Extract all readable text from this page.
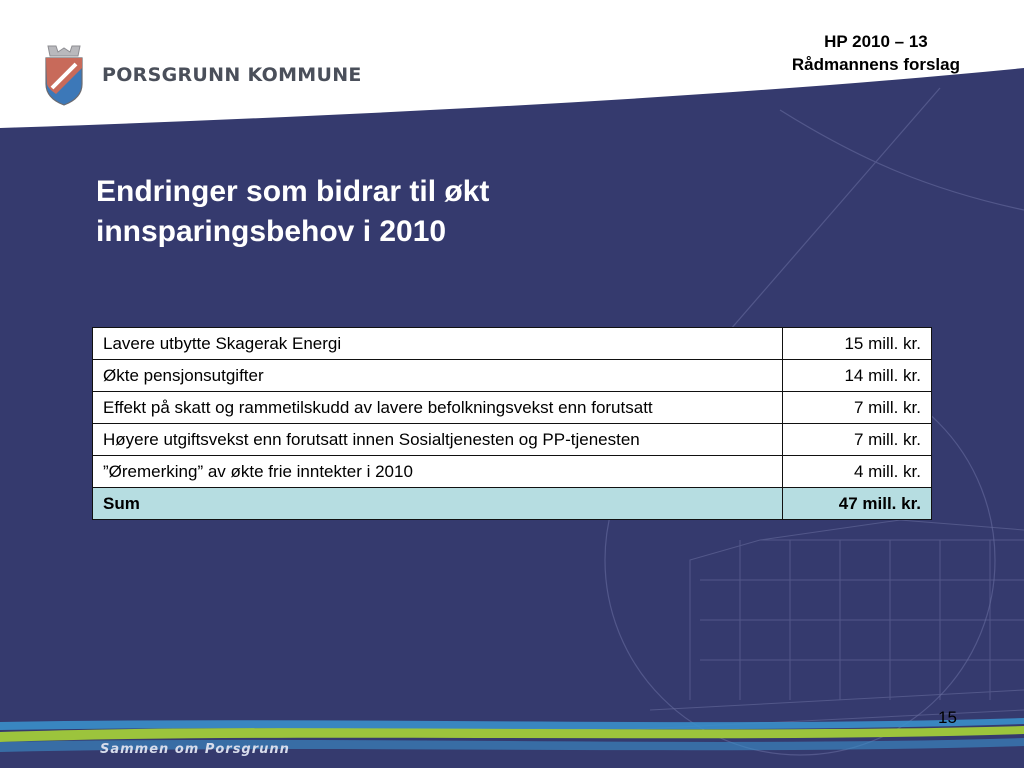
PORSGRUNN KOMMUNE
HP 2010 – 13
Rådmannens forslag
Endringer som bidrar til økt innsparingsbehov i 2010
Lavere utbytte Skagerak Energi	15 mill. kr.
Økte pensjonsutgifter	14 mill. kr.
Effekt på skatt og rammetilskudd av lavere befolkningsvekst enn forutsatt	7 mill. kr.
Høyere utgiftsvekst enn forutsatt innen Sosialtjenesten og PP-tjenesten	7 mill. kr.
”Øremerking” av økte frie inntekter i 2010	4 mill. kr.
Sum	47 mill. kr.
15
Sammen om Porsgrunn
